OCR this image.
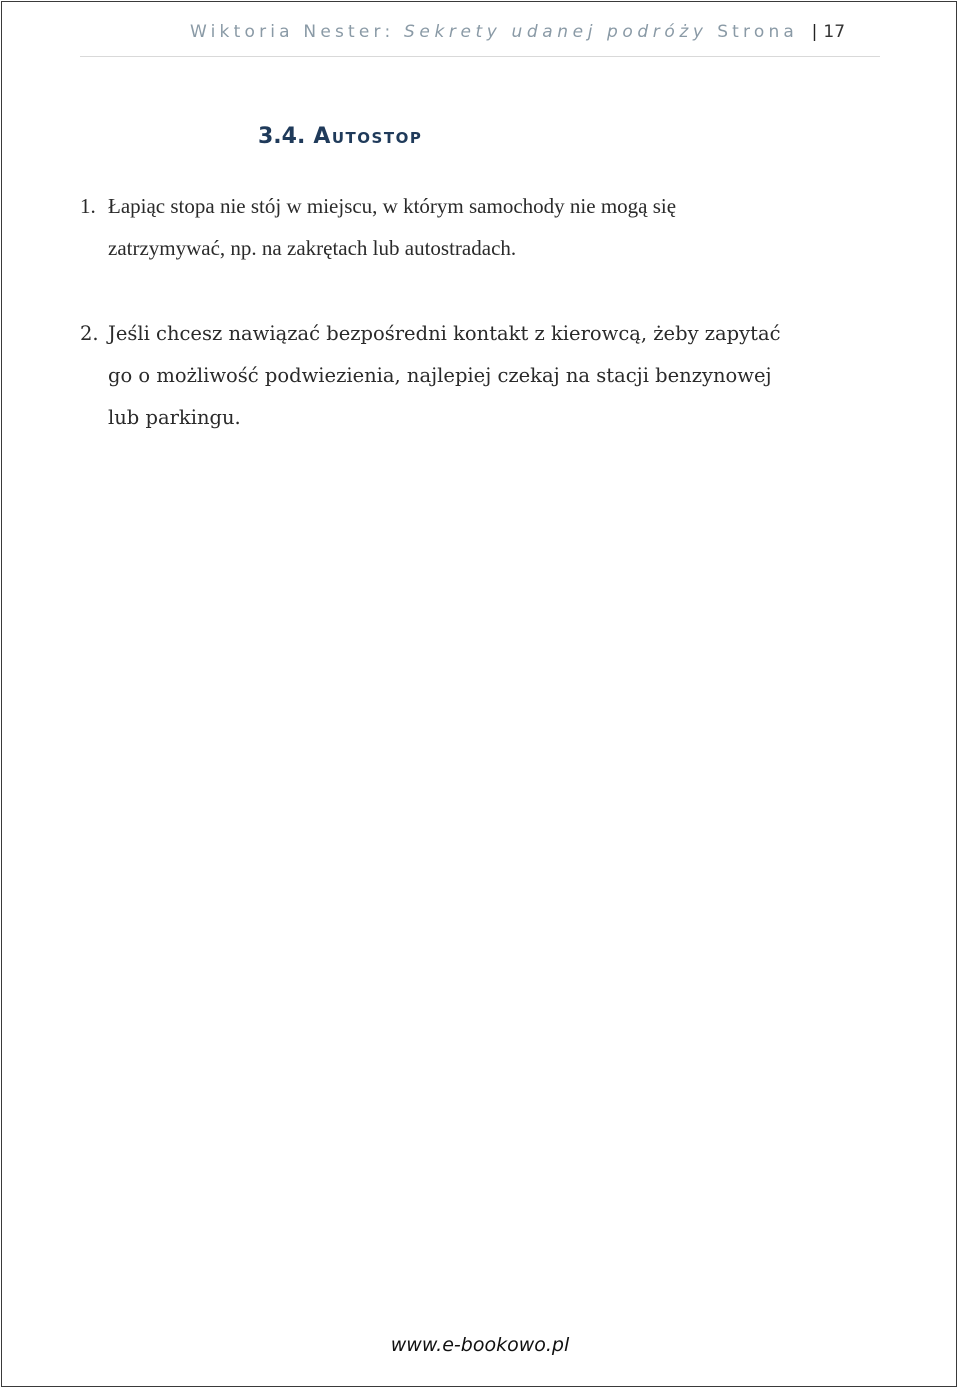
Wiktoria Nester: Sekrety udanej podróży Strona | 17
3.4. Autostop
1. Łapiąc stopa nie stój w miejscu, w którym samochody nie mogą się
zatrzymywać, np. na zakrętach lub autostradach.
2. Jeśli chcesz nawiązać bezpośredni kontakt z kierowcą, żeby zapytać
go o możliwość podwiezienia, najlepiej czekaj na stacji benzynowej
lub parkingu.
www.e-bookowo.pl
